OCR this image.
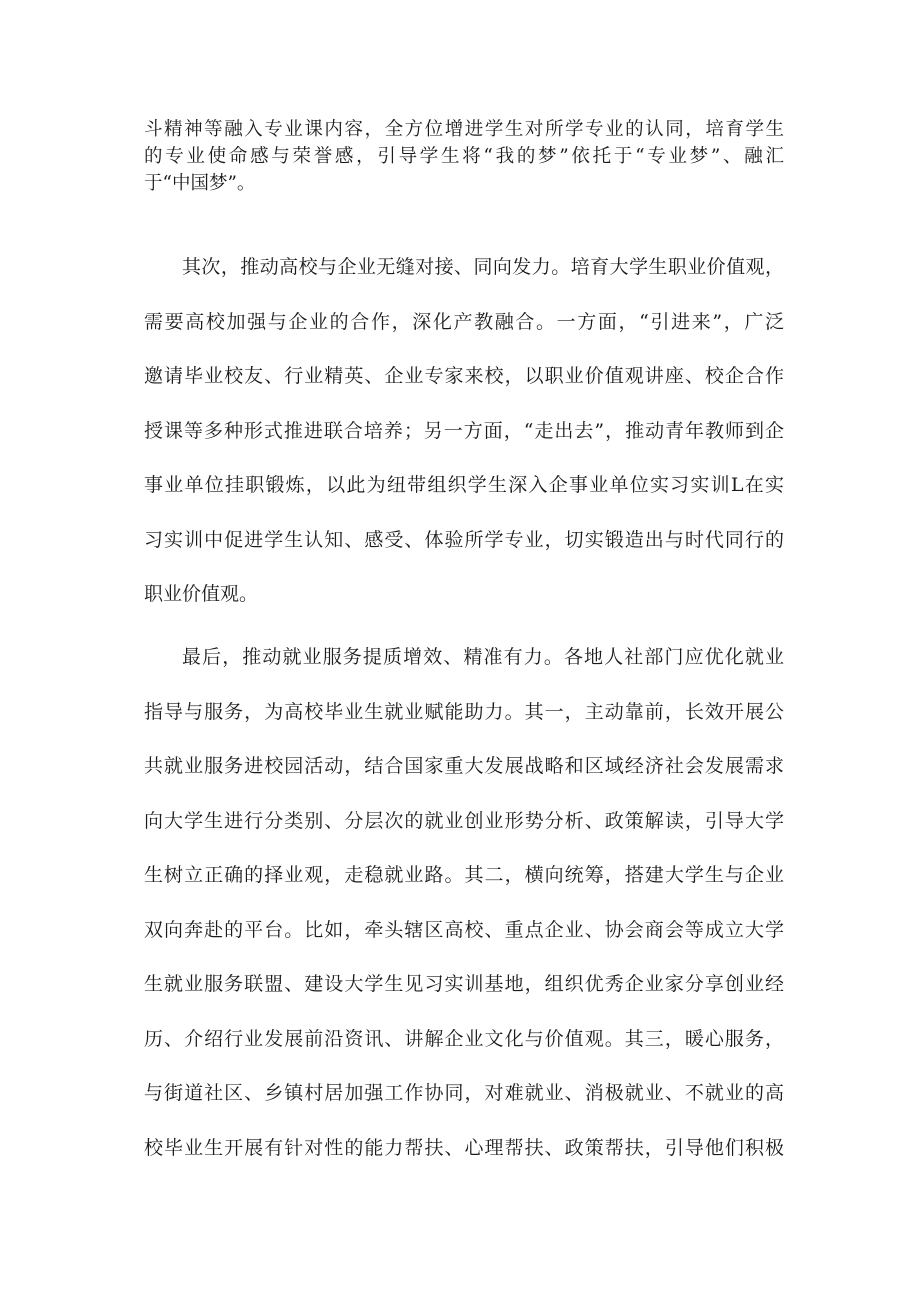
斗精神等融入专业课内容，全方位增进学生对所学专业的认同，培育学生
的专业使命感与荣誉感，引导学生将“我的梦”依托于“专业梦”、融汇
于“中国梦”。
其次，推动高校与企业无缝对接、同向发力。培育大学生职业价值观，
需要高校加强与企业的合作，深化产教融合。一方面，“引进来”，广泛
邀请毕业校友、行业精英、企业专家来校，以职业价值观讲座、校企合作
授课等多种形式推进联合培养；另一方面，“走出去”，推动青年教师到企
事业单位挂职锻炼，以此为纽带组织学生深入企事业单位实习实训L在实
习实训中促进学生认知、感受、体验所学专业，切实锻造出与时代同行的
职业价值观。
最后，推动就业服务提质增效、精准有力。各地人社部门应优化就业
指导与服务，为高校毕业生就业赋能助力。其一，主动靠前，长效开展公
共就业服务进校园活动，结合国家重大发展战略和区域经济社会发展需求
向大学生进行分类别、分层次的就业创业形势分析、政策解读，引导大学
生树立正确的择业观，走稳就业路。其二，横向统筹，搭建大学生与企业
双向奔赴的平台。比如，牵头辖区高校、重点企业、协会商会等成立大学
生就业服务联盟、建设大学生见习实训基地，组织优秀企业家分享创业经
历、介绍行业发展前沿资讯、讲解企业文化与价值观。其三，暖心服务，
与街道社区、乡镇村居加强工作协同，对难就业、消极就业、不就业的高
校毕业生开展有针对性的能力帮扶、心理帮扶、政策帮扶，引导他们积极
